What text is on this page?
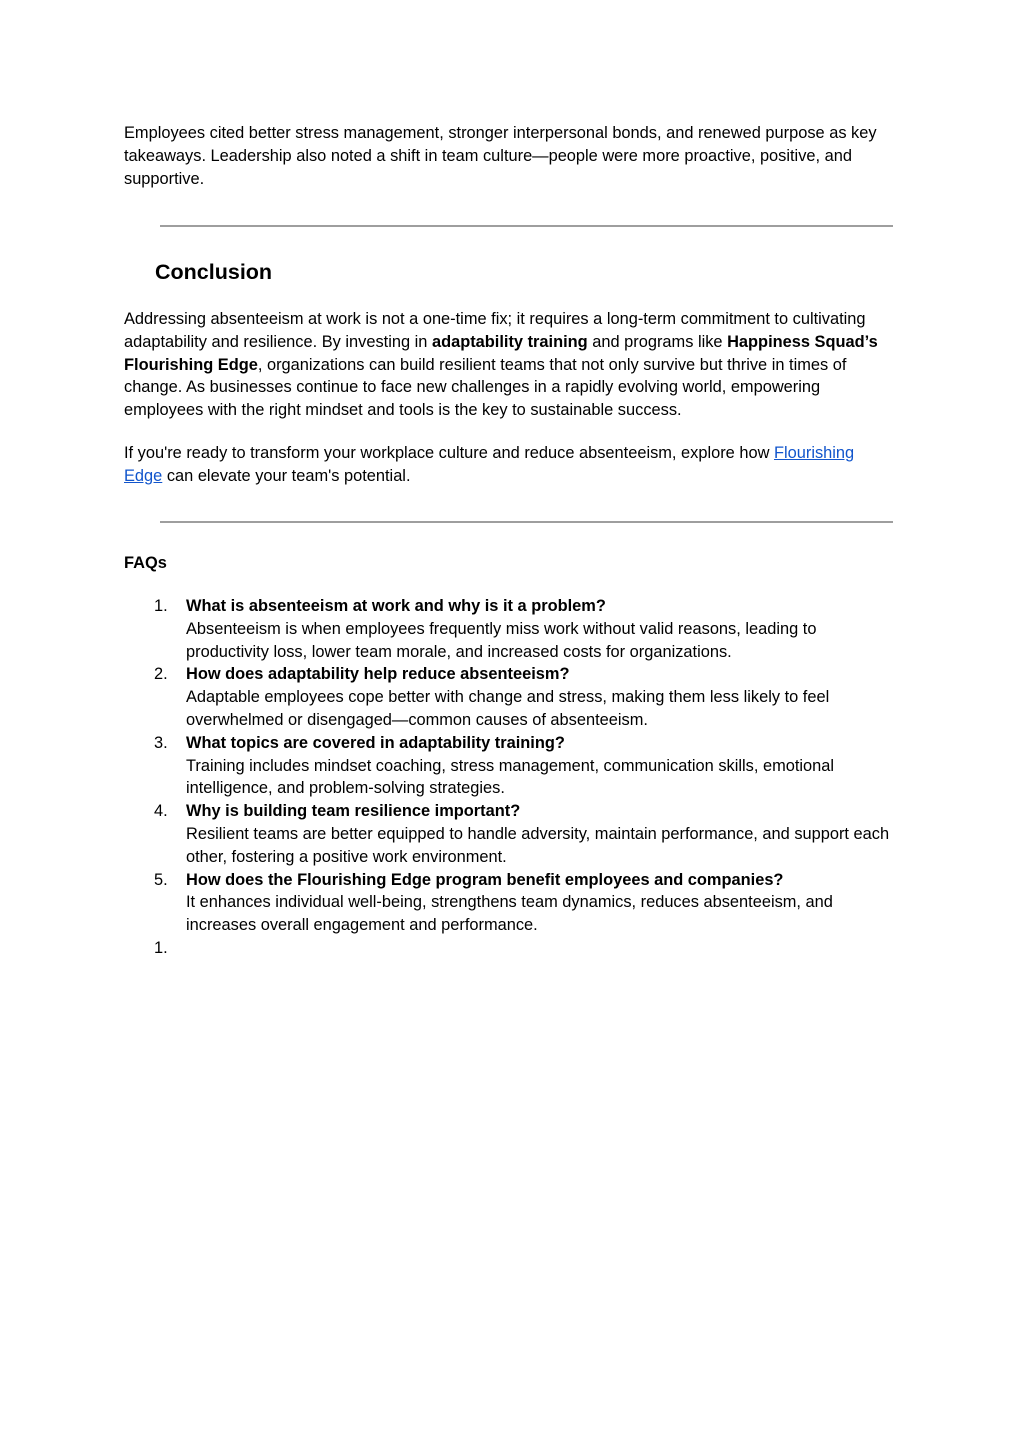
Employees cited better stress management, stronger interpersonal bonds, and renewed purpose as key takeaways. Leadership also noted a shift in team culture—people were more proactive, positive, and supportive.

Conclusion

Addressing absenteeism at work is not a one-time fix; it requires a long-term commitment to cultivating adaptability and resilience. By investing in adaptability training and programs like Happiness Squad’s Flourishing Edge, organizations can build resilient teams that not only survive but thrive in times of change. As businesses continue to face new challenges in a rapidly evolving world, empowering employees with the right mindset and tools is the key to sustainable success.

If you're ready to transform your workplace culture and reduce absenteeism, explore how Flourishing Edge can elevate your team's potential.

FAQs
1. What is absenteeism at work and why is it a problem?
Absenteeism is when employees frequently miss work without valid reasons, leading to productivity loss, lower team morale, and increased costs for organizations.
2. How does adaptability help reduce absenteeism?
Adaptable employees cope better with change and stress, making them less likely to feel overwhelmed or disengaged—common causes of absenteeism.
3. What topics are covered in adaptability training?
Training includes mindset coaching, stress management, communication skills, emotional intelligence, and problem-solving strategies.
4. Why is building team resilience important?
Resilient teams are better equipped to handle adversity, maintain performance, and support each other, fostering a positive work environment.
5. How does the Flourishing Edge program benefit employees and companies?
It enhances individual well-being, strengthens team dynamics, reduces absenteeism, and increases overall engagement and performance.
1.
